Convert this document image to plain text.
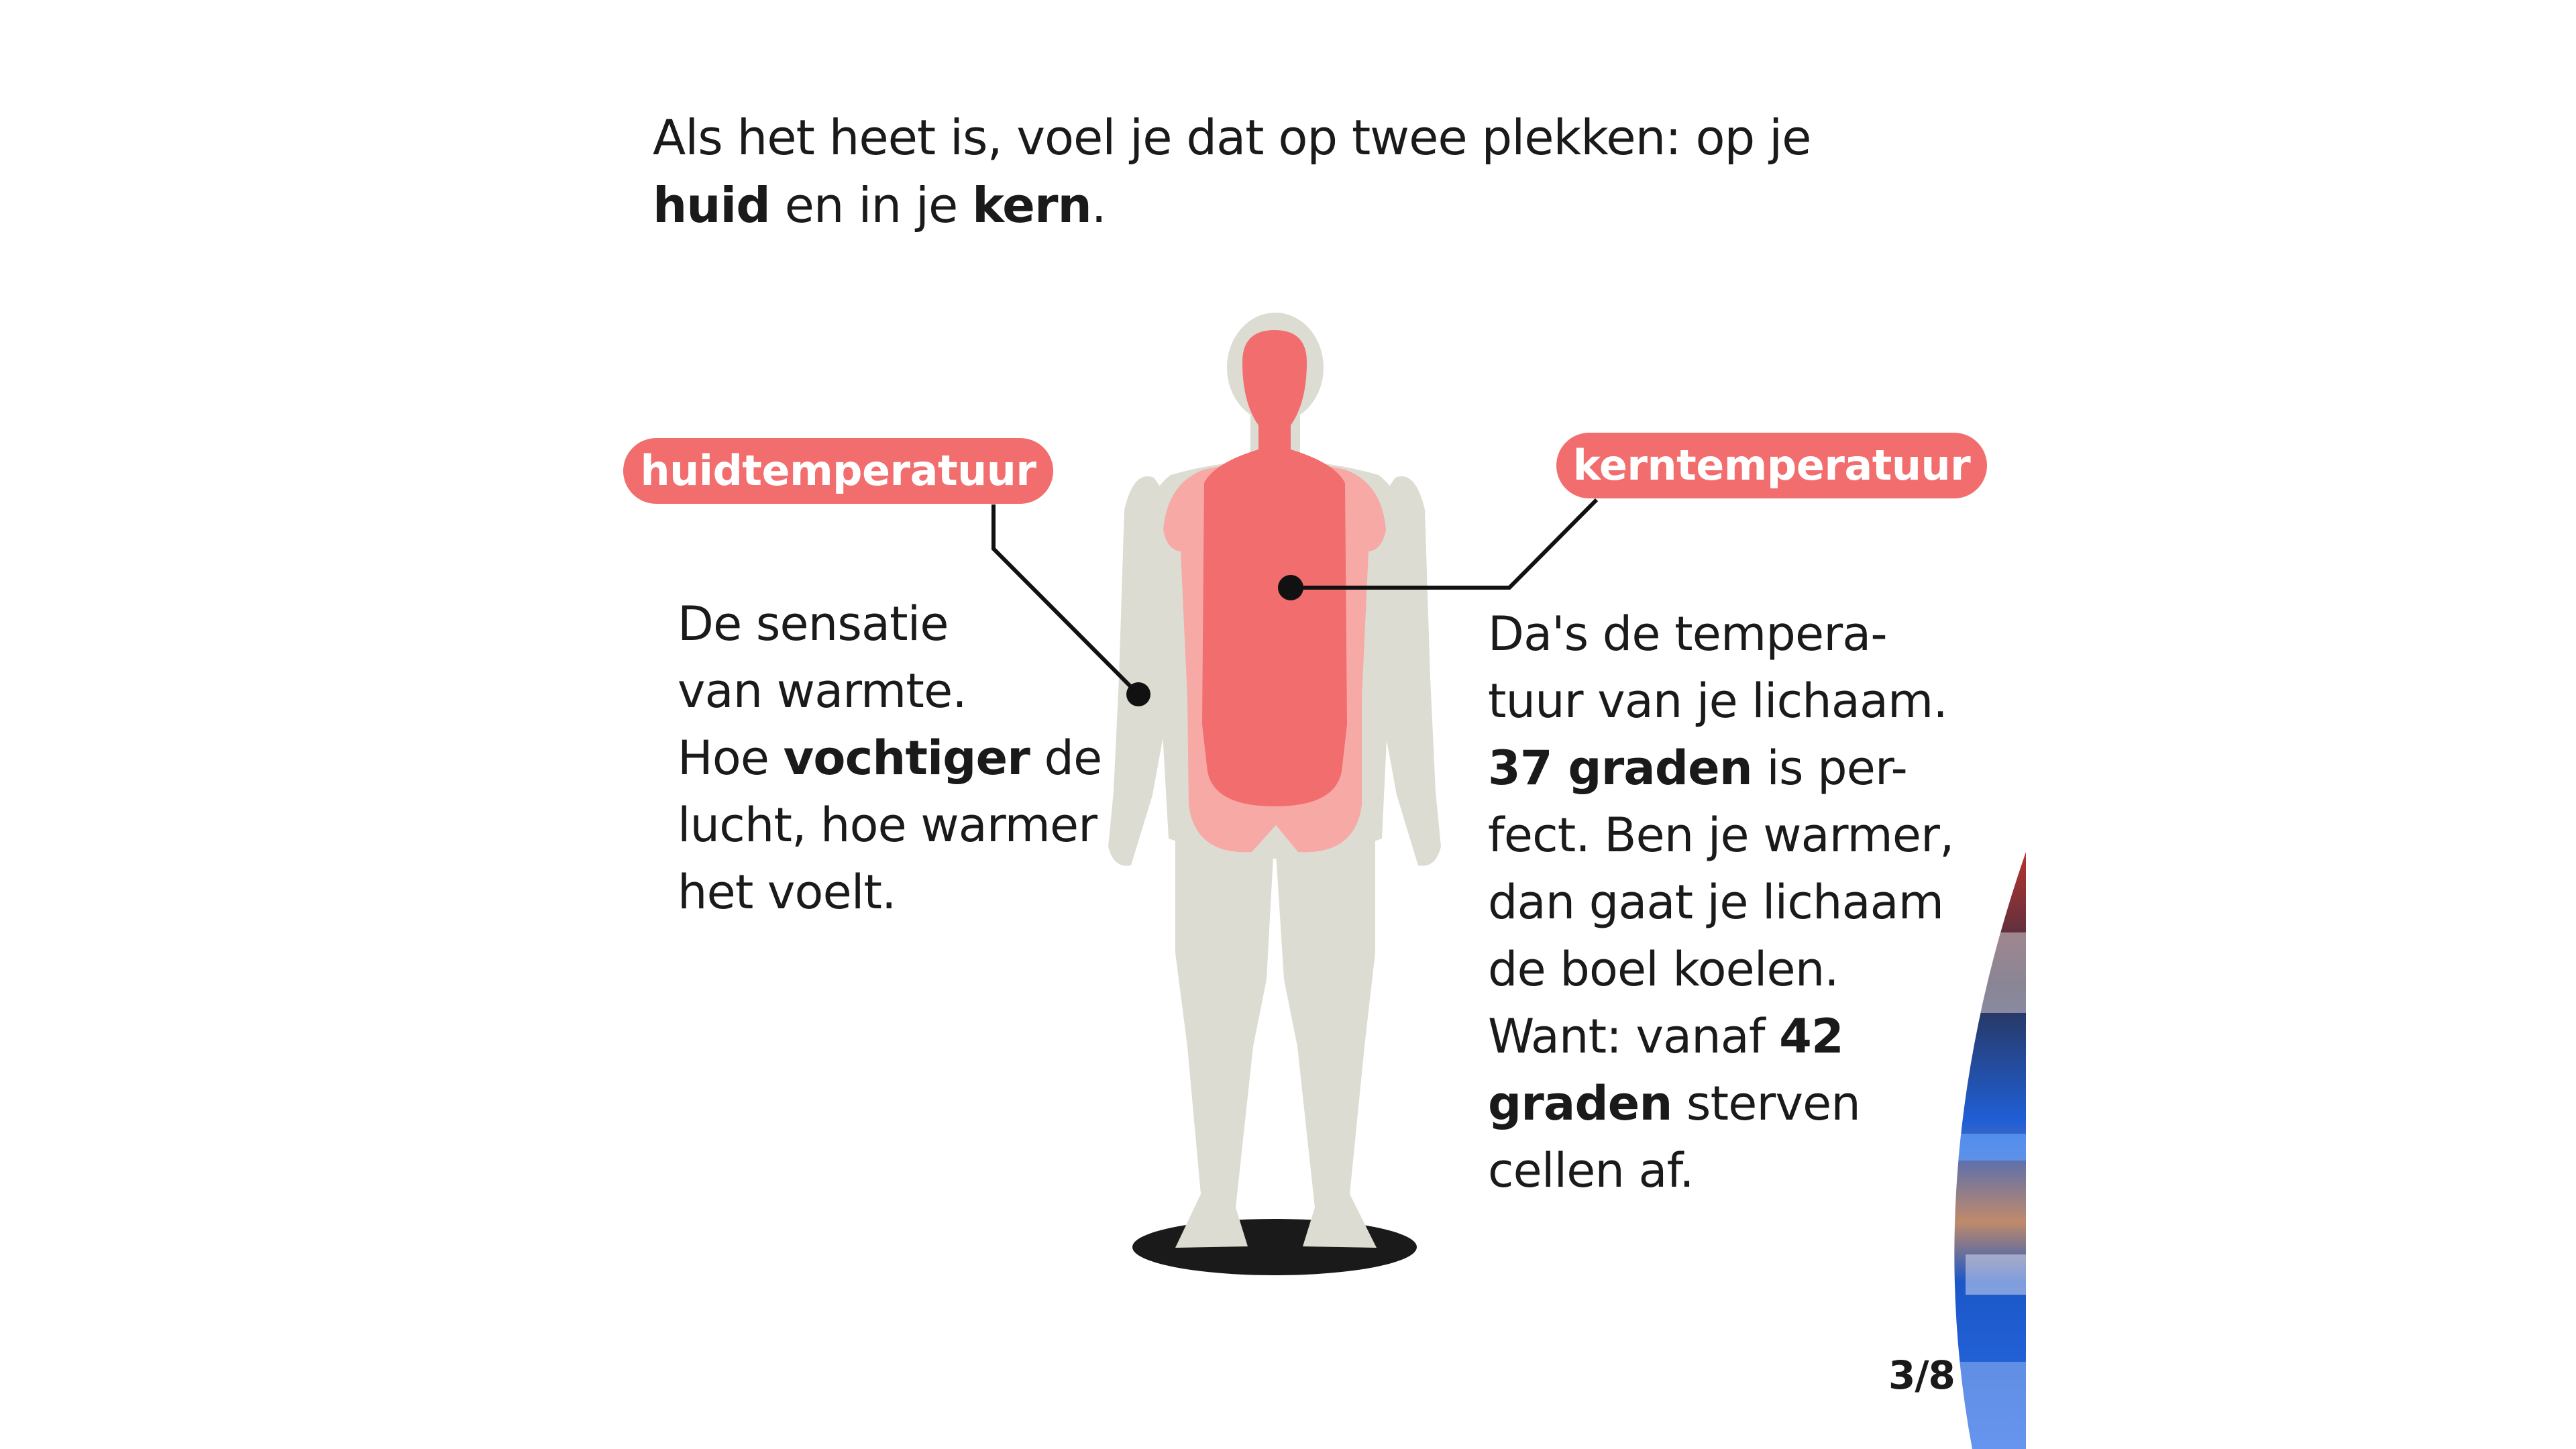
Als het heet is, voel je dat op twee plekken: op je

huid en in je kern.

huidtemperatuur	kerntemperatuur

De sensatie

van warmte.

Hoe vochtiger de

lucht, hoe warmer

het voelt.

Da's de tempera-

tuur van je lichaam.

37 graden is per-

fect. Ben je warmer,

dan gaat je lichaam

de boel koelen.

Want: vanaf 42

graden sterven

cellen af.

3/8
